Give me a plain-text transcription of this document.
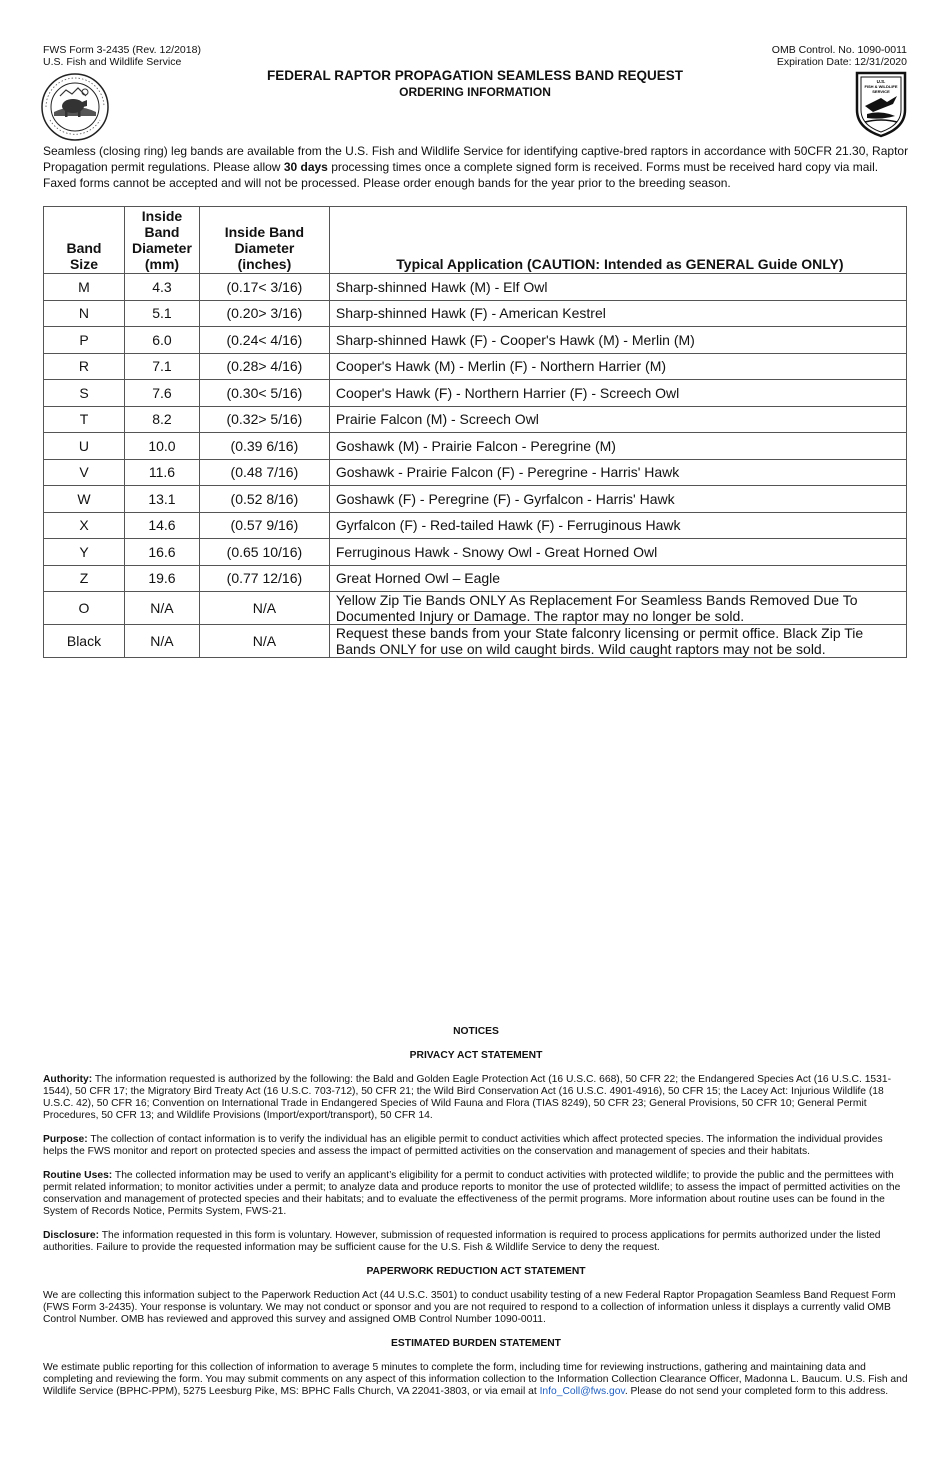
FWS Form 3-2435 (Rev. 12/2018)
U.S. Fish and Wildlife Service
OMB Control. No. 1090-0011
Expiration Date: 12/31/2020
FEDERAL RAPTOR PROPAGATION SEAMLESS BAND REQUEST
ORDERING INFORMATION
U.S.
FISH & WILDLIFE
SERVICE
Seamless (closing ring) leg bands are available from the U.S. Fish and Wildlife Service for identifying captive-bred raptors in accordance with 50CFR 21.30, Raptor Propagation permit regulations. Please allow 30 days processing times once a complete signed form is received. Forms must be received hard copy via mail. Faxed forms cannot be accepted and will not be processed. Please order enough bands for the year prior to the breeding season.
Band Size	Inside Band Diameter (mm)	Inside Band Diameter (inches)	Typical Application (CAUTION: Intended as GENERAL Guide ONLY)
M	4.3	(0.17< 3/16)	Sharp-shinned Hawk (M) - Elf Owl
N	5.1	(0.20> 3/16)	Sharp-shinned Hawk (F) - American Kestrel
P	6.0	(0.24< 4/16)	Sharp-shinned Hawk (F) - Cooper's Hawk (M) - Merlin (M)
R	7.1	(0.28> 4/16)	Cooper's Hawk (M) - Merlin (F) - Northern Harrier (M)
S	7.6	(0.30< 5/16)	Cooper's Hawk (F) - Northern Harrier (F) - Screech Owl
T	8.2	(0.32> 5/16)	Prairie Falcon (M) - Screech Owl
U	10.0	(0.39 6/16)	Goshawk (M) - Prairie Falcon - Peregrine (M)
V	11.6	(0.48 7/16)	Goshawk - Prairie Falcon (F) - Peregrine - Harris' Hawk
W	13.1	(0.52 8/16)	Goshawk (F) - Peregrine (F) - Gyrfalcon - Harris' Hawk
X	14.6	(0.57 9/16)	Gyrfalcon (F) - Red-tailed Hawk (F) - Ferruginous Hawk
Y	16.6	(0.65 10/16)	Ferruginous Hawk - Snowy Owl - Great Horned Owl
Z	19.6	(0.77 12/16)	Great Horned Owl – Eagle
O	N/A	N/A	Yellow Zip Tie Bands ONLY As Replacement For Seamless Bands Removed Due To Documented Injury or Damage. The raptor may no longer be sold.
Black	N/A	N/A	Request these bands from your State falconry licensing or permit office. Black Zip Tie Bands ONLY for use on wild caught birds. Wild caught raptors may not be sold.
NOTICES
PRIVACY ACT STATEMENT
Authority: The information requested is authorized by the following: the Bald and Golden Eagle Protection Act (16 U.S.C. 668), 50 CFR 22; the Endangered Species Act (16 U.S.C. 1531-1544), 50 CFR 17; the Migratory Bird Treaty Act (16 U.S.C. 703-712), 50 CFR 21; the Wild Bird Conservation Act (16 U.S.C. 4901-4916), 50 CFR 15; the Lacey Act: Injurious Wildlife (18 U.S.C. 42), 50 CFR 16; Convention on International Trade in Endangered Species of Wild Fauna and Flora (TIAS 8249), 50 CFR 23; General Provisions, 50 CFR 10; General Permit Procedures, 50 CFR 13; and Wildlife Provisions (Import/export/transport), 50 CFR 14.
Purpose: The collection of contact information is to verify the individual has an eligible permit to conduct activities which affect protected species. The information the individual provides helps the FWS monitor and report on protected species and assess the impact of permitted activities on the conservation and management of species and their habitats.
Routine Uses: The collected information may be used to verify an applicant’s eligibility for a permit to conduct activities with protected wildlife; to provide the public and the permittees with permit related information; to monitor activities under a permit; to analyze data and produce reports to monitor the use of protected wildlife; to assess the impact of permitted activities on the conservation and management of protected species and their habitats; and to evaluate the effectiveness of the permit programs. More information about routine uses can be found in the System of Records Notice, Permits System, FWS-21.
Disclosure: The information requested in this form is voluntary. However, submission of requested information is required to process applications for permits authorized under the listed authorities. Failure to provide the requested information may be sufficient cause for the U.S. Fish & Wildlife Service to deny the request.
PAPERWORK REDUCTION ACT STATEMENT
We are collecting this information subject to the Paperwork Reduction Act (44 U.S.C. 3501) to conduct usability testing of a new Federal Raptor Propagation Seamless Band Request Form (FWS Form 3-2435). Your response is voluntary. We may not conduct or sponsor and you are not required to respond to a collection of information unless it displays a currently valid OMB Control Number. OMB has reviewed and approved this survey and assigned OMB Control Number 1090-0011.
ESTIMATED BURDEN STATEMENT
We estimate public reporting for this collection of information to average 5 minutes to complete the form, including time for reviewing instructions, gathering and maintaining data and completing and reviewing the form. You may submit comments on any aspect of this information collection to the Information Collection Clearance Officer, Madonna L. Baucum. U.S. Fish and Wildlife Service (BPHC-PPM), 5275 Leesburg Pike, MS: BPHC Falls Church, VA 22041-3803, or via email at Info_Coll@fws.gov. Please do not send your completed form to this address.
